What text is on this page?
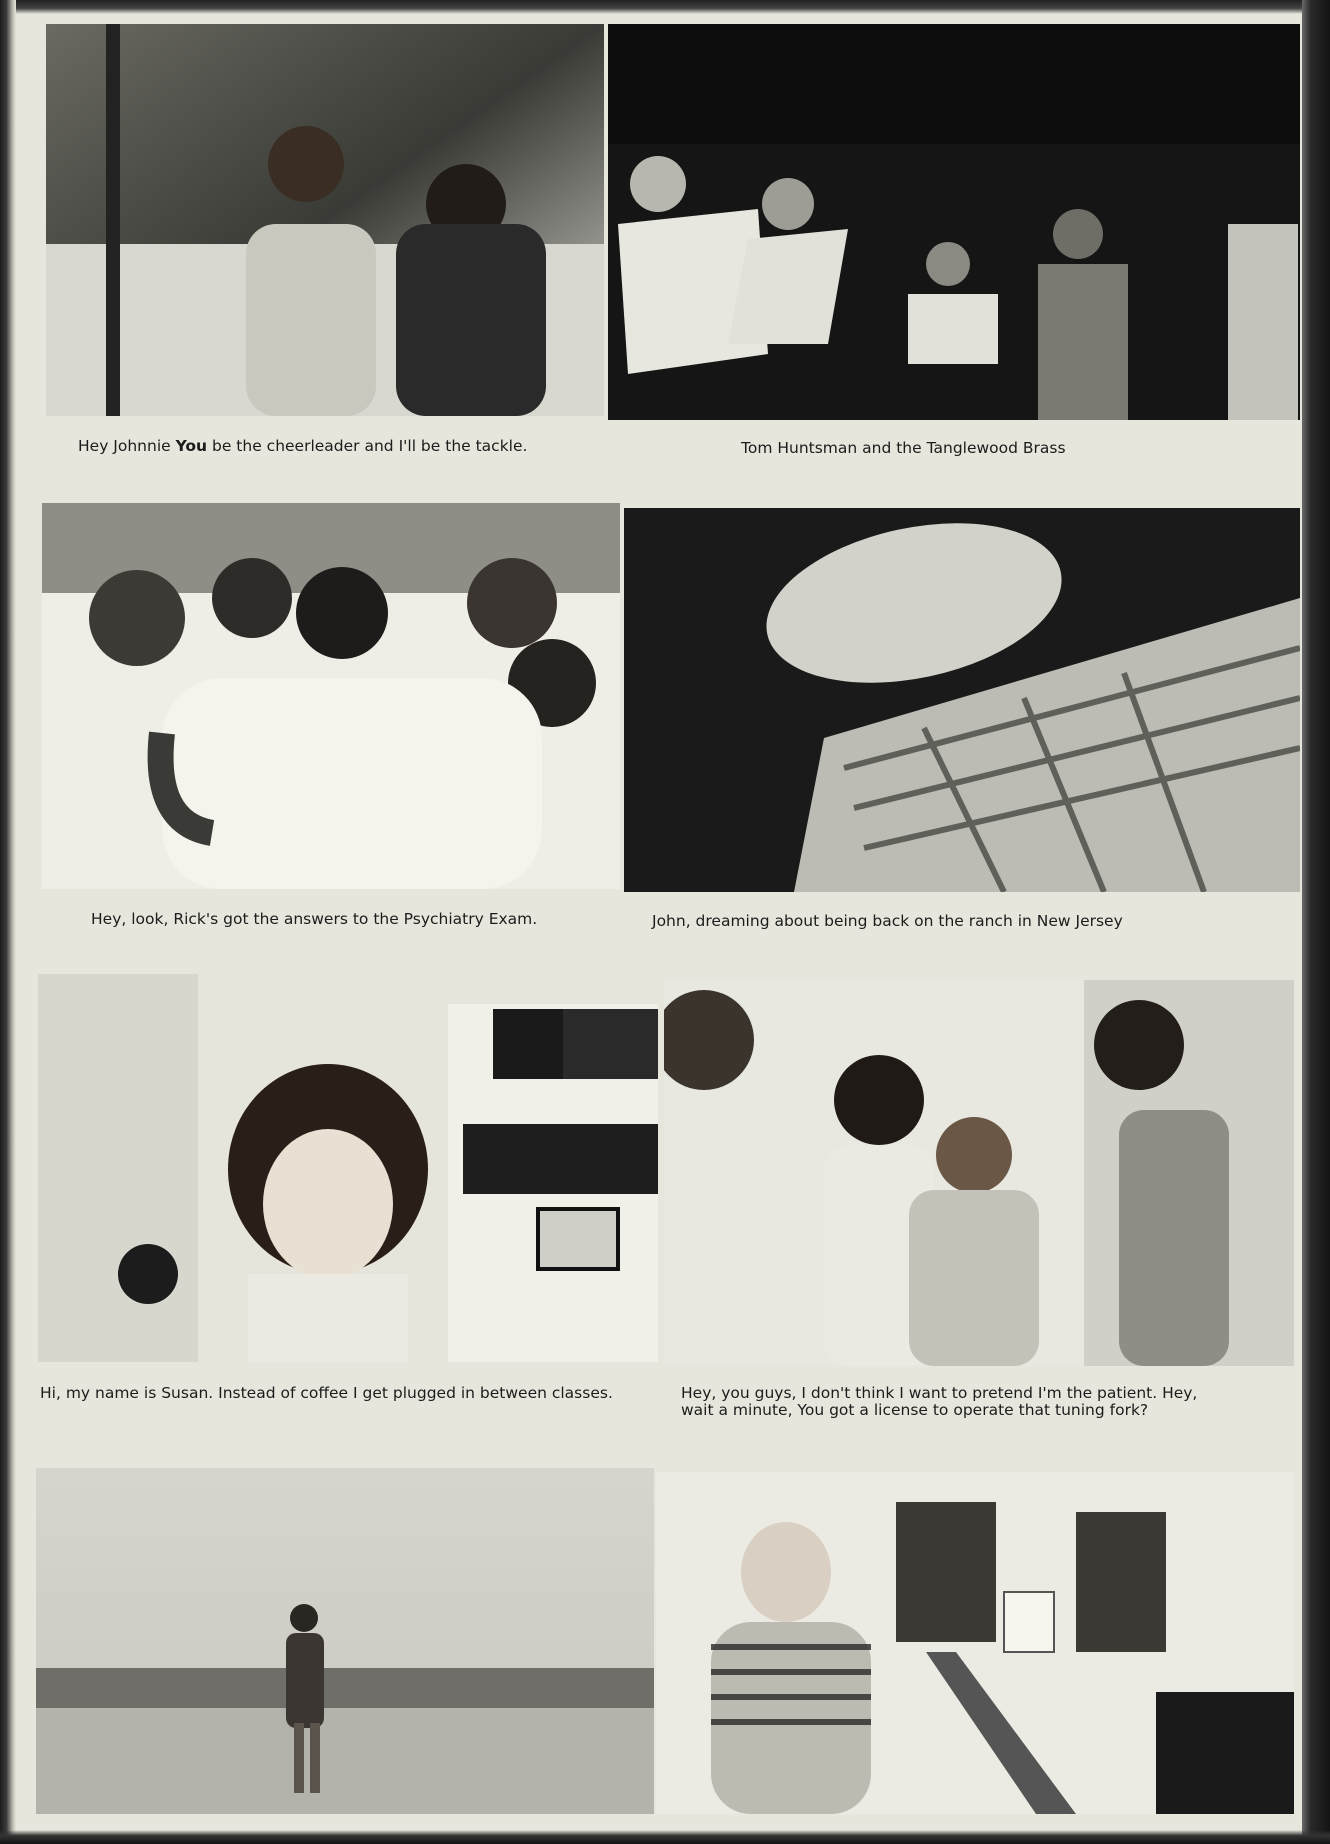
Hey Johnnie You be the cheerleader and I'll be the tackle.	Tom Huntsman and the Tanglewood Brass
Hey, look, Rick's got the answers to the Psychiatry Exam.	John, dreaming about being back on the ranch in New Jersey
Hi, my name is Susan. Instead of coffee I get plugged in between classes.	Hey, you guys, I don't think I want to pretend I'm the patient. Hey, wait a minute, You got a license to operate that tuning fork?
